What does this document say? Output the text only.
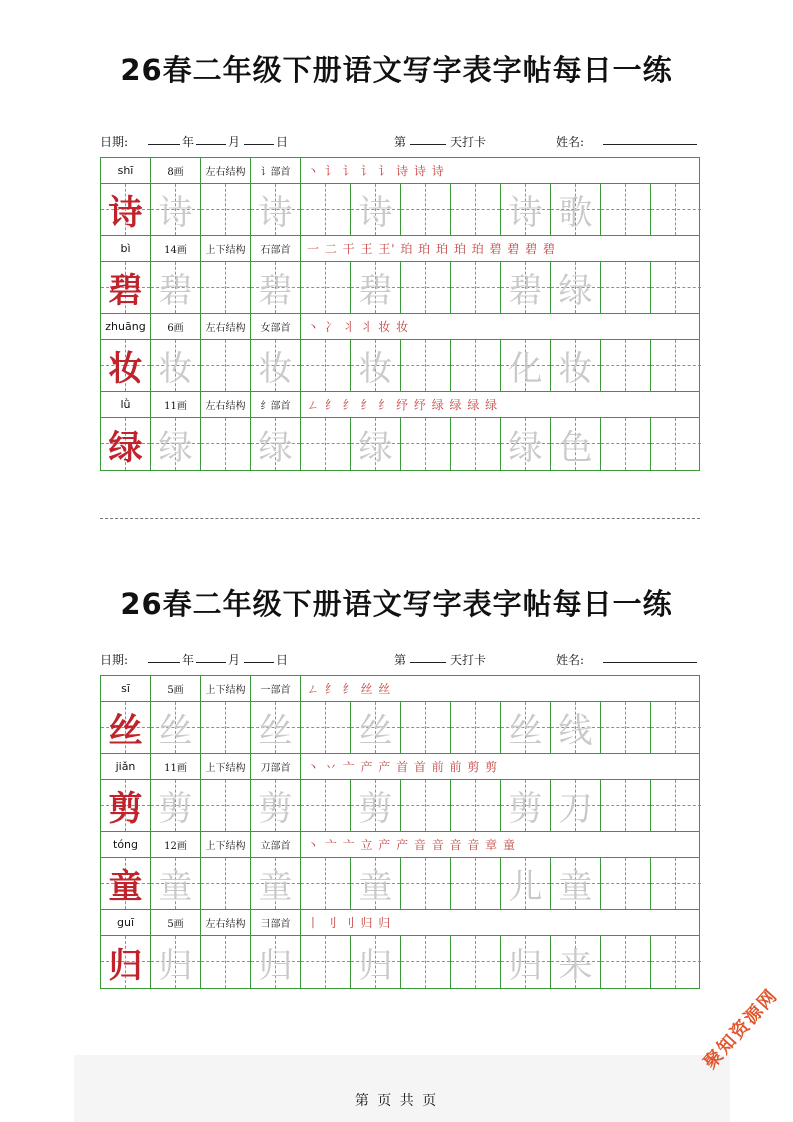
26春二年级下册语文写字表字帖每日一练
日期:	年	月	日	第	天打卡	姓名:
shī	8画	左右结构	讠部首	丶 讠 讠 讠 讠 诗 诗 诗
诗 诗 诗 诗	诗 歌
bì	14画	上下结构	石部首	一 二 干 王 王' 珀 珀 珀 珀 珀 碧 碧 碧 碧
碧 碧 碧 碧	碧 绿
zhuāng	6画	左右结构	女部首	丶 冫 丬 丬 妆 妆
妆 妆 妆 妆	化 妆
lǜ	11画	左右结构	纟部首	ㄥ 纟 纟 纟 纟 纾 纾 绿 绿 绿 绿
绿 绿 绿 绿	绿 色
26春二年级下册语文写字表字帖每日一练
日期:	年	月	日	第	天打卡	姓名:
sī	5画	上下结构	一部首	ㄥ 纟 纟 丝 丝
丝 丝 丝 丝	丝 线
jiǎn	11画	上下结构	刀部首	丶 丷 亠 产 产 首 首 前 前 剪 剪
剪 剪 剪 剪	剪 刀
tóng	12画	上下结构	立部首	丶 亠 亠 立 产 产 音 音 音 音 章 童
童 童 童 童	儿 童
guī	5画	左右结构	彐部首	丨 刂 刂 归 归
归 归 归 归	归 来
第 页 共 页
聚知资源网
